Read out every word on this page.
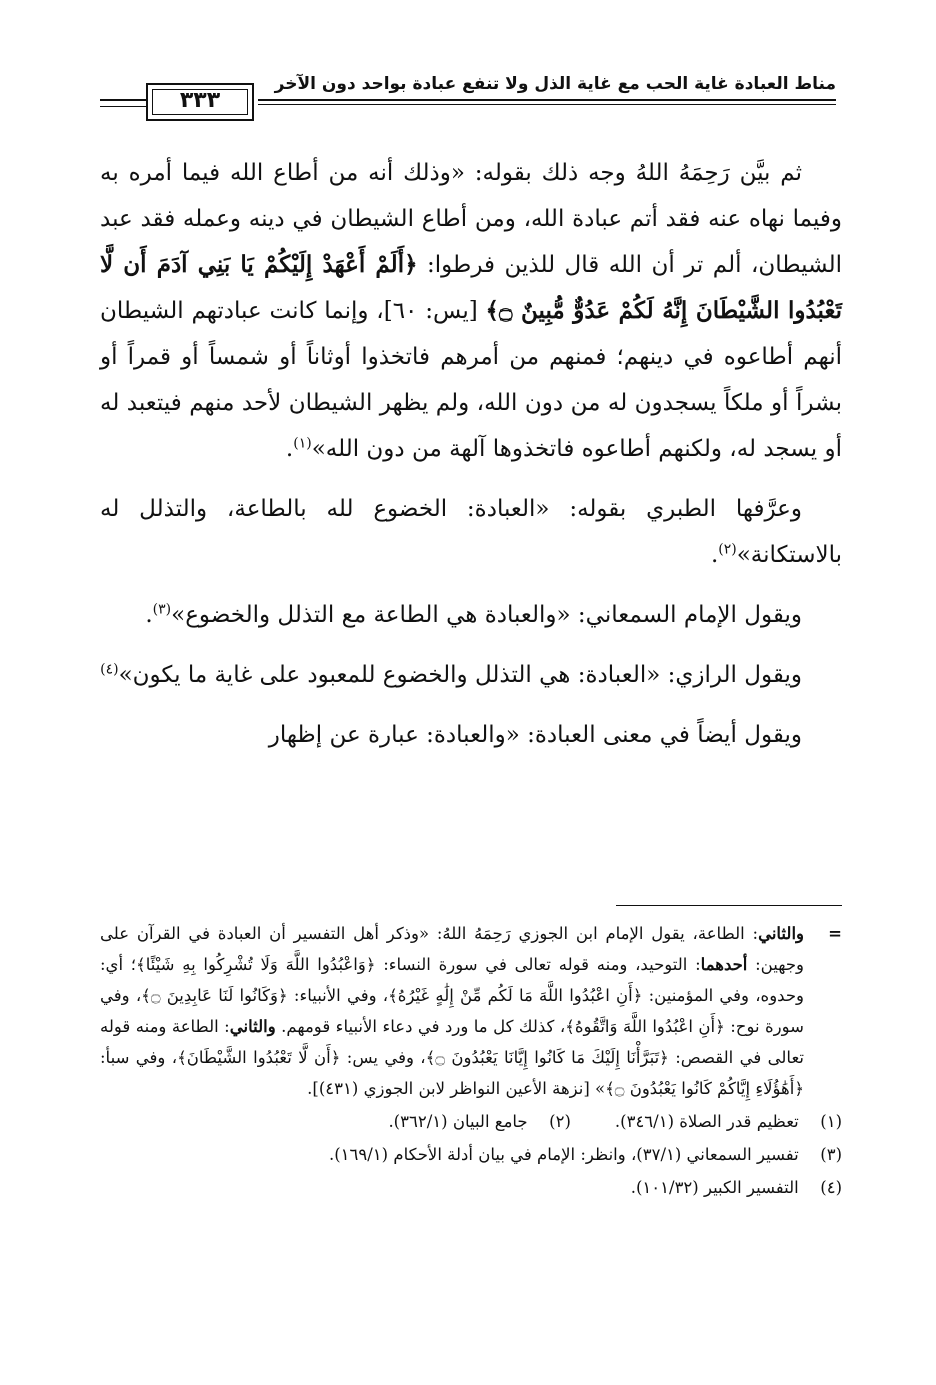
مناط العبادة غاية الحب مع غاية الذل ولا تنفع عبادة بواحد دون الآخر
٣٣٣

ثم بيَّن رَحِمَهُ اللهُ وجه ذلك بقوله: «وذلك أنه من أطاع الله فيما أمره به وفيما نهاه عنه فقد أتم عبادة الله، ومن أطاع الشيطان في دينه وعمله فقد عبد الشيطان، ألم تر أن الله قال للذين فرطوا: ﴿أَلَمْ أَعْهَدْ إِلَيْكُمْ يَا بَنِي آدَمَ أَن لَّا تَعْبُدُوا الشَّيْطَانَ إِنَّهُ لَكُمْ عَدُوٌّ مُّبِينٌ ۝﴾ [يس: ٦٠]، وإنما كانت عبادتهم الشيطان أنهم أطاعوه في دينهم؛ فمنهم من أمرهم فاتخذوا أوثاناً أو شمساً أو قمراً أو بشراً أو ملكاً يسجدون له من دون الله، ولم يظهر الشيطان لأحد منهم فيتعبد له أو يسجد له، ولكنهم أطاعوه فاتخذوها آلهة من دون الله»$^{(١)}$.

وعرَّفها الطبري بقوله: «العبادة: الخضوع لله بالطاعة، والتذلل له بالاستكانة»$^{(٢)}$.

ويقول الإمام السمعاني: «والعبادة هي الطاعة مع التذلل والخضوع»$^{(٣)}$.

ويقول الرازي: «العبادة: هي التذلل والخضوع للمعبود على غاية ما يكون»$^{(٤)}$

ويقول أيضاً في معنى العبادة: «والعبادة: عبارة عن إظهار

=
والثاني: الطاعة، يقول الإمام ابن الجوزي رَحِمَهُ اللهُ: «وذكر أهل التفسير أن العبادة في القرآن على وجهين: أحدهما: التوحيد، ومنه قوله تعالى في سورة النساء: ﴿وَاعْبُدُوا اللَّهَ وَلَا تُشْرِكُوا بِهِ شَيْئًا﴾؛ أي: وحدوه، وفي المؤمنين: ﴿أَنِ اعْبُدُوا اللَّهَ مَا لَكُم مِّنْ إِلَٰهٍ غَيْرُهُ﴾، وفي الأنبياء: ﴿وَكَانُوا لَنَا عَابِدِينَ ۝﴾، وفي سورة نوح: ﴿أَنِ اعْبُدُوا اللَّهَ وَاتَّقُوهُ﴾، كذلك كل ما ورد في دعاء الأنبياء قومهم. والثاني: الطاعة ومنه قوله تعالى في القصص: ﴿تَبَرَّأْنَا إِلَيْكَ مَا كَانُوا إِيَّانَا يَعْبُدُونَ ۝﴾، وفي يس: ﴿أَن لَّا تَعْبُدُوا الشَّيْطَانَ﴾، وفي سبأ: ﴿أَهَٰؤُلَاءِ إِيَّاكُمْ كَانُوا يَعْبُدُونَ ۝﴾» [نزهة الأعين النواظر لابن الجوزي (٤٣١)].

(١) تعظيم قدر الصلاة (٣٤٦/١).
(٢) جامع البيان (٣٦٢/١).
(٣) تفسير السمعاني (٣٧/١)، وانظر: الإمام في بيان أدلة الأحكام (١٦٩/١).
(٤) التفسير الكبير (١٠١/٣٢).
